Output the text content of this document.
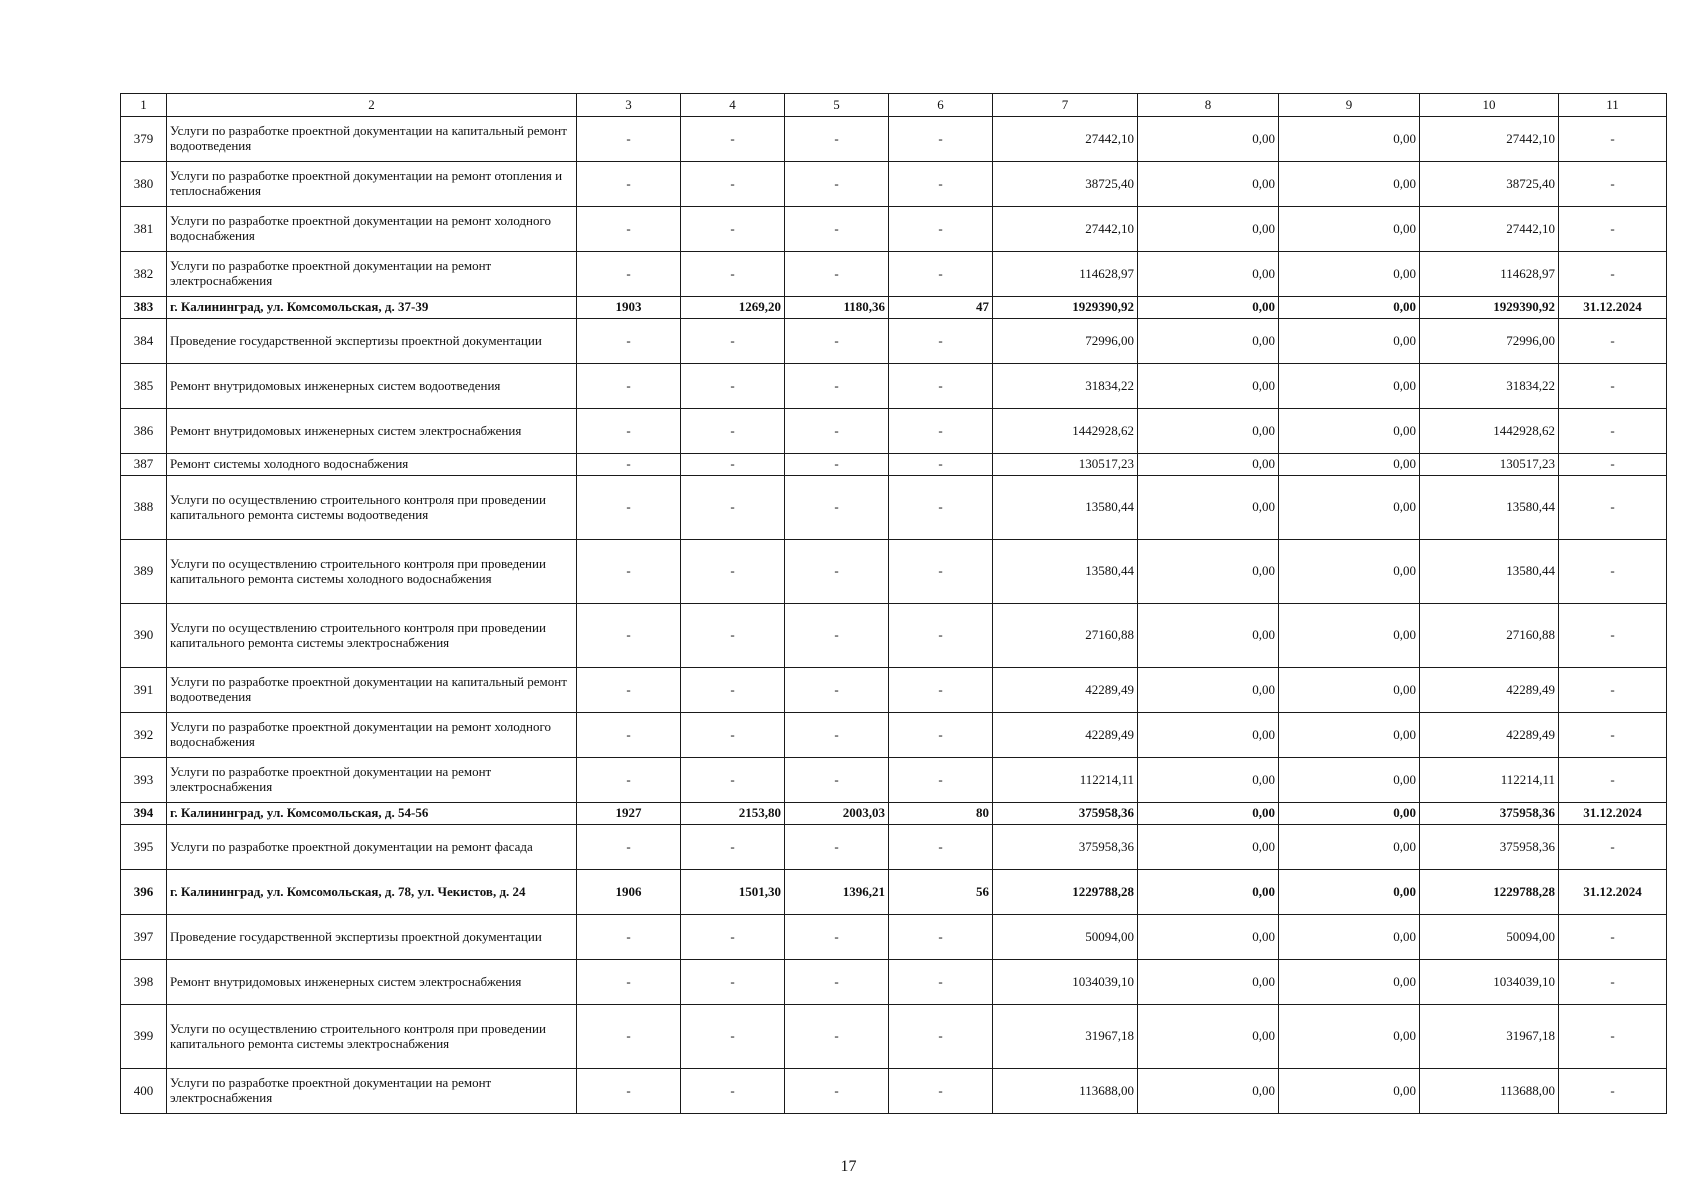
1	2	3	4	5	6	7	8	9	10	11
379	Услуги по разработке проектной документации на капитальный ремонт водоотведения	-	-	-	-	27442,10	0,00	0,00	27442,10	-
380	Услуги по разработке проектной документации на ремонт отопления и теплоснабжения	-	-	-	-	38725,40	0,00	0,00	38725,40	-
381	Услуги по разработке проектной документации на ремонт холодного водоснабжения	-	-	-	-	27442,10	0,00	0,00	27442,10	-
382	Услуги по разработке проектной документации на ремонт электроснабжения	-	-	-	-	114628,97	0,00	0,00	114628,97	-
383	г. Калининград, ул. Комсомольская, д. 37-39	1903	1269,20	1180,36	47	1929390,92	0,00	0,00	1929390,92	31.12.2024
384	Проведение государственной экспертизы проектной документации	-	-	-	-	72996,00	0,00	0,00	72996,00	-
385	Ремонт внутридомовых инженерных систем водоотведения	-	-	-	-	31834,22	0,00	0,00	31834,22	-
386	Ремонт внутридомовых инженерных систем электроснабжения	-	-	-	-	1442928,62	0,00	0,00	1442928,62	-
387	Ремонт системы холодного водоснабжения	-	-	-	-	130517,23	0,00	0,00	130517,23	-
388	Услуги по осуществлению строительного контроля при проведении капитального ремонта системы водоотведения	-	-	-	-	13580,44	0,00	0,00	13580,44	-
389	Услуги по осуществлению строительного контроля при проведении капитального ремонта системы холодного водоснабжения	-	-	-	-	13580,44	0,00	0,00	13580,44	-
390	Услуги по осуществлению строительного контроля при проведении капитального ремонта системы электроснабжения	-	-	-	-	27160,88	0,00	0,00	27160,88	-
391	Услуги по разработке проектной документации на капитальный ремонт водоотведения	-	-	-	-	42289,49	0,00	0,00	42289,49	-
392	Услуги по разработке проектной документации на ремонт холодного водоснабжения	-	-	-	-	42289,49	0,00	0,00	42289,49	-
393	Услуги по разработке проектной документации на ремонт электроснабжения	-	-	-	-	112214,11	0,00	0,00	112214,11	-
394	г. Калининград, ул. Комсомольская, д. 54-56	1927	2153,80	2003,03	80	375958,36	0,00	0,00	375958,36	31.12.2024
395	Услуги по разработке проектной документации на ремонт фасада	-	-	-	-	375958,36	0,00	0,00	375958,36	-
396	г. Калининград, ул. Комсомольская, д. 78, ул. Чекистов, д. 24	1906	1501,30	1396,21	56	1229788,28	0,00	0,00	1229788,28	31.12.2024
397	Проведение государственной экспертизы проектной документации	-	-	-	-	50094,00	0,00	0,00	50094,00	-
398	Ремонт внутридомовых инженерных систем электроснабжения	-	-	-	-	1034039,10	0,00	0,00	1034039,10	-
399	Услуги по осуществлению строительного контроля при проведении капитального ремонта системы электроснабжения	-	-	-	-	31967,18	0,00	0,00	31967,18	-
400	Услуги по разработке проектной документации на ремонт электроснабжения	-	-	-	-	113688,00	0,00	0,00	113688,00	-
17
